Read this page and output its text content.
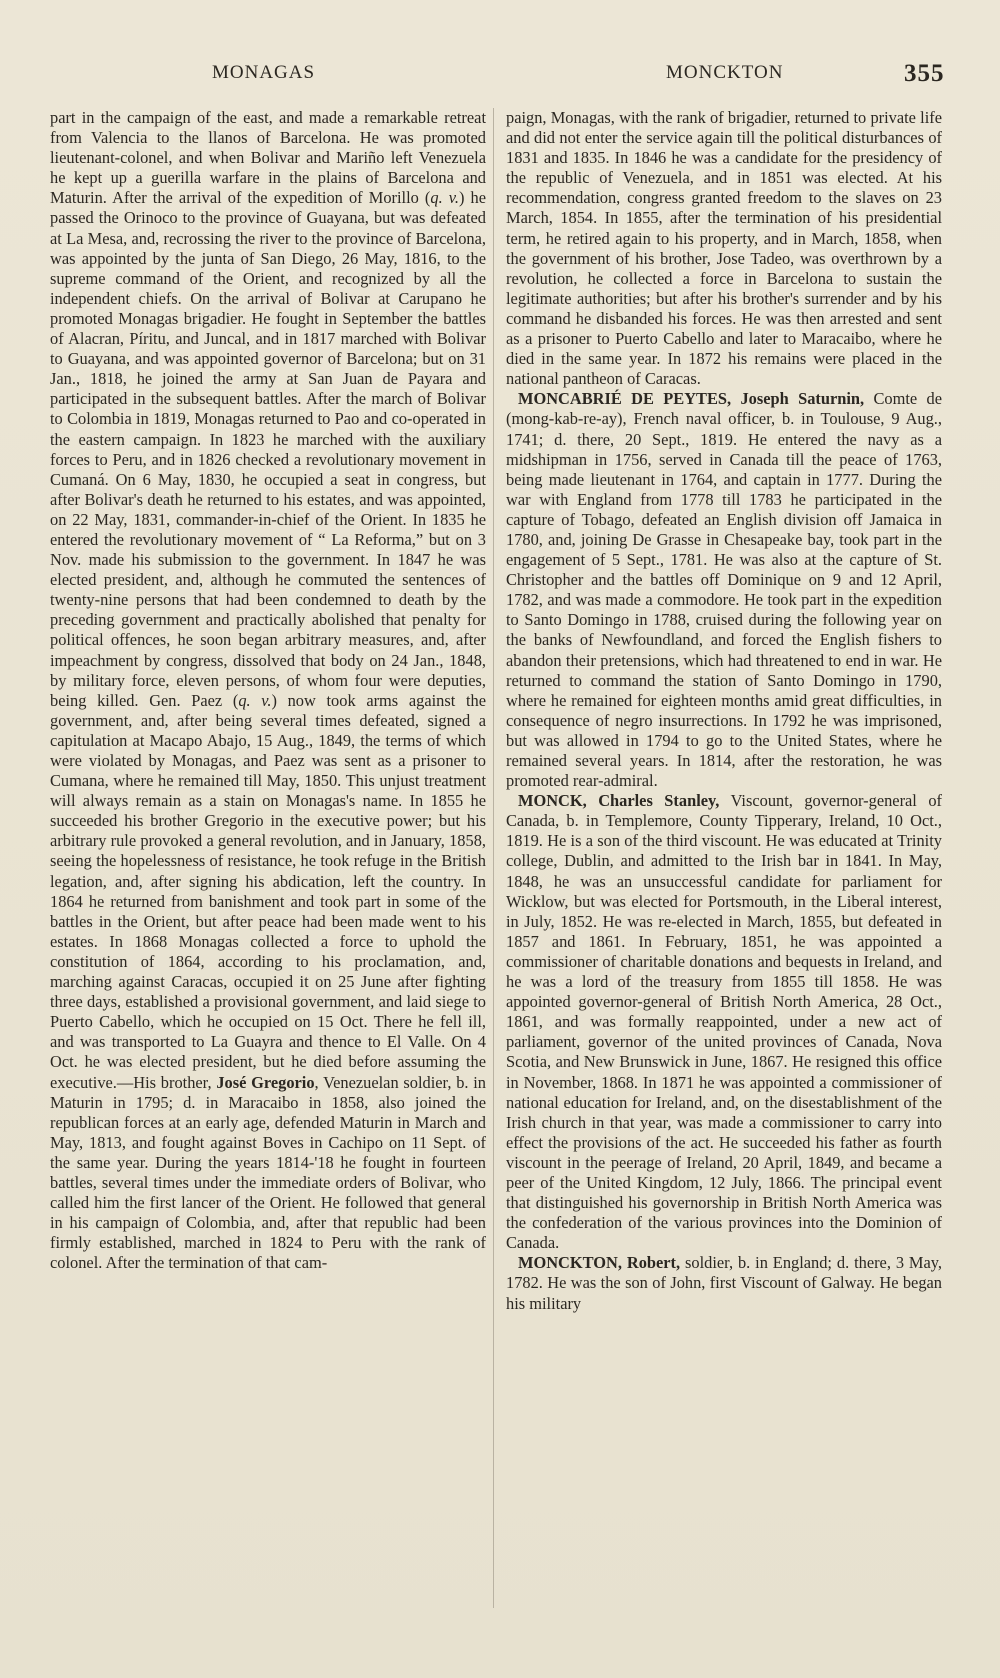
MONAGAS	MONCKTON	355

part in the campaign of the east, and made a remarkable retreat from Valencia to the llanos of Barcelona. He was promoted lieutenant-colonel, and when Bolivar and Mariño left Venezuela he kept up a guerilla warfare in the plains of Barcelona and Maturin. After the arrival of the expedition of Morillo (q. v.) he passed the Orinoco to the province of Guayana, but was defeated at La Mesa, and, recrossing the river to the province of Barcelona, was appointed by the junta of San Diego, 26 May, 1816, to the supreme command of the Orient, and recognized by all the independent chiefs. On the arrival of Bolivar at Carupano he promoted Monagas brigadier. He fought in September the battles of Alacran, Píritu, and Juncal, and in 1817 marched with Bolivar to Guayana, and was appointed governor of Barcelona; but on 31 Jan., 1818, he joined the army at San Juan de Payara and participated in the subsequent battles. After the march of Bolivar to Colombia in 1819, Monagas returned to Pao and co-operated in the eastern campaign. In 1823 he marched with the auxiliary forces to Peru, and in 1826 checked a revolutionary movement in Cumaná. On 6 May, 1830, he occupied a seat in congress, but after Bolivar's death he returned to his estates, and was appointed, on 22 May, 1831, commander-in-chief of the Orient. In 1835 he entered the revolutionary movement of “ La Reforma,” but on 3 Nov. made his submission to the government. In 1847 he was elected president, and, although he commuted the sentences of twenty-nine persons that had been condemned to death by the preceding government and practically abolished that penalty for political offences, he soon began arbitrary measures, and, after impeachment by congress, dissolved that body on 24 Jan., 1848, by military force, eleven persons, of whom four were deputies, being killed. Gen. Paez (q. v.) now took arms against the government, and, after being several times defeated, signed a capitulation at Macapo Abajo, 15 Aug., 1849, the terms of which were violated by Monagas, and Paez was sent as a prisoner to Cumana, where he remained till May, 1850. This unjust treatment will always remain as a stain on Monagas's name. In 1855 he succeeded his brother Gregorio in the executive power; but his arbitrary rule provoked a general revolution, and in January, 1858, seeing the hopelessness of resistance, he took refuge in the British legation, and, after signing his abdication, left the country. In 1864 he returned from banishment and took part in some of the battles in the Orient, but after peace had been made went to his estates. In 1868 Monagas collected a force to uphold the constitution of 1864, according to his proclamation, and, marching against Caracas, occupied it on 25 June after fighting three days, established a provisional government, and laid siege to Puerto Cabello, which he occupied on 15 Oct. There he fell ill, and was transported to La Guayra and thence to El Valle. On 4 Oct. he was elected president, but he died before assuming the executive.—His brother, José Gregorio, Venezuelan soldier, b. in Maturin in 1795; d. in Maracaibo in 1858, also joined the republican forces at an early age, defended Maturin in March and May, 1813, and fought against Boves in Cachipo on 11 Sept. of the same year. During the years 1814-'18 he fought in fourteen battles, several times under the immediate orders of Bolivar, who called him the first lancer of the Orient. He followed that general in his campaign of Colombia, and, after that republic had been firmly established, marched in 1824 to Peru with the rank of colonel. After the termination of that cam-

paign, Monagas, with the rank of brigadier, returned to private life and did not enter the service again till the political disturbances of 1831 and 1835. In 1846 he was a candidate for the presidency of the republic of Venezuela, and in 1851 was elected. At his recommendation, congress granted freedom to the slaves on 23 March, 1854. In 1855, after the termination of his presidential term, he retired again to his property, and in March, 1858, when the government of his brother, Jose Tadeo, was overthrown by a revolution, he collected a force in Barcelona to sustain the legitimate authorities; but after his brother's surrender and by his command he disbanded his forces. He was then arrested and sent as a prisoner to Puerto Cabello and later to Maracaibo, where he died in the same year. In 1872 his remains were placed in the national pantheon of Caracas.

MONCABRIÉ DE PEYTES, Joseph Saturnin, Comte de (mong-kab-re-ay), French naval officer, b. in Toulouse, 9 Aug., 1741; d. there, 20 Sept., 1819. He entered the navy as a midshipman in 1756, served in Canada till the peace of 1763, being made lieutenant in 1764, and captain in 1777. During the war with England from 1778 till 1783 he participated in the capture of Tobago, defeated an English division off Jamaica in 1780, and, joining De Grasse in Chesapeake bay, took part in the engagement of 5 Sept., 1781. He was also at the capture of St. Christopher and the battles off Dominique on 9 and 12 April, 1782, and was made a commodore. He took part in the expedition to Santo Domingo in 1788, cruised during the following year on the banks of Newfoundland, and forced the English fishers to abandon their pretensions, which had threatened to end in war. He returned to command the station of Santo Domingo in 1790, where he remained for eighteen months amid great difficulties, in consequence of negro insurrections. In 1792 he was imprisoned, but was allowed in 1794 to go to the United States, where he remained several years. In 1814, after the restoration, he was promoted rear-admiral.

MONCK, Charles Stanley, Viscount, governor-general of Canada, b. in Templemore, County Tipperary, Ireland, 10 Oct., 1819. He is a son of the third viscount. He was educated at Trinity college, Dublin, and admitted to the Irish bar in 1841. In May, 1848, he was an unsuccessful candidate for parliament for Wicklow, but was elected for Portsmouth, in the Liberal interest, in July, 1852. He was re-elected in March, 1855, but defeated in 1857 and 1861. In February, 1851, he was appointed a commissioner of charitable donations and bequests in Ireland, and he was a lord of the treasury from 1855 till 1858. He was appointed governor-general of British North America, 28 Oct., 1861, and was formally reappointed, under a new act of parliament, governor of the united provinces of Canada, Nova Scotia, and New Brunswick in June, 1867. He resigned this office in November, 1868. In 1871 he was appointed a commissioner of national education for Ireland, and, on the disestablishment of the Irish church in that year, was made a commissioner to carry into effect the provisions of the act. He succeeded his father as fourth viscount in the peerage of Ireland, 20 April, 1849, and became a peer of the United Kingdom, 12 July, 1866. The principal event that distinguished his governorship in British North America was the confederation of the various provinces into the Dominion of Canada.

MONCKTON, Robert, soldier, b. in England; d. there, 3 May, 1782. He was the son of John, first Viscount of Galway. He began his military
